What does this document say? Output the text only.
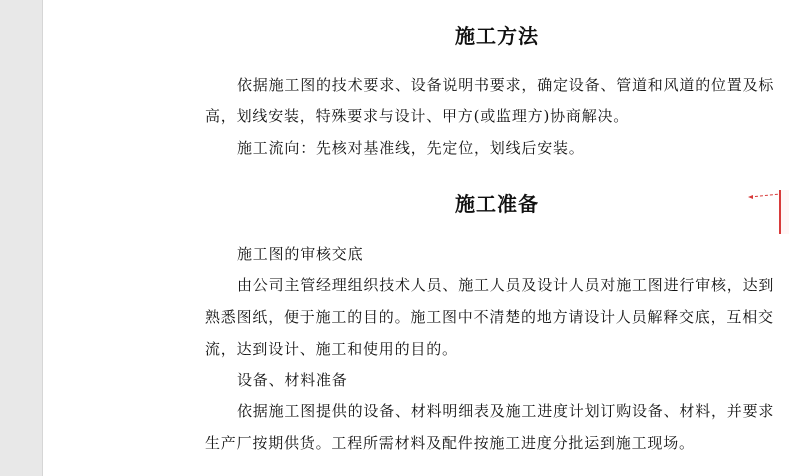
施工方法
依据施工图的技术要求、设备说明书要求，确定设备、管道和风道的位置及标
高，划线安装，特殊要求与设计、甲方(或监理方)协商解决。
施工流向：先核对基准线，先定位，划线后安装。
施工准备
施工图的审核交底
由公司主管经理组织技术人员、施工人员及设计人员对施工图进行审核，达到
熟悉图纸，便于施工的目的。施工图中不清楚的地方请设计人员解释交底，互相交
流，达到设计、施工和使用的目的。
设备、材料准备
依据施工图提供的设备、材料明细表及施工进度计划订购设备、材料，并要求
生产厂按期供货。工程所需材料及配件按施工进度分批运到施工现场。
